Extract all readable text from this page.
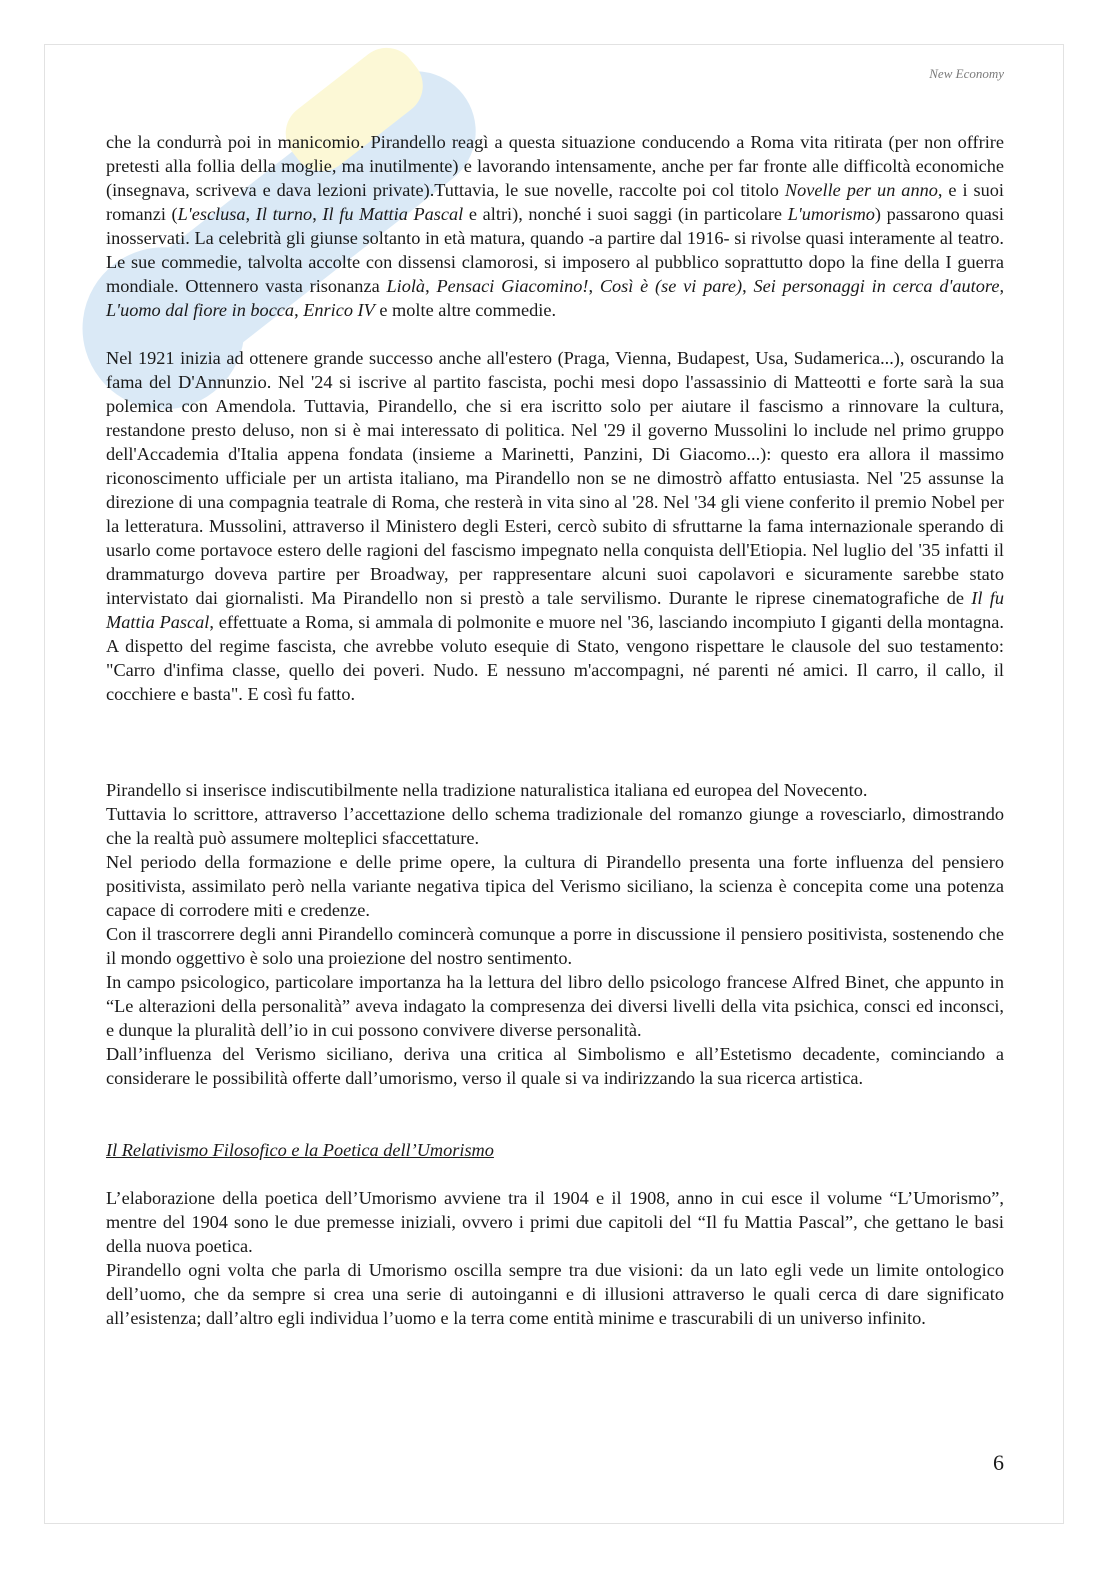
New Economy

che la condurrà poi in manicomio. Pirandello reagì a questa situazione conducendo a Roma vita ritirata (per non offrire pretesti alla follia della moglie, ma inutilmente) e lavorando intensamente, anche per far fronte alle difficoltà economiche (insegnava, scriveva e dava lezioni private).Tuttavia, le sue novelle, raccolte poi col titolo Novelle per un anno, e i suoi romanzi (L'esclusa, Il turno, Il fu Mattia Pascal e altri), nonché i suoi saggi (in particolare L'umorismo) passarono quasi inosservati. La celebrità gli giunse soltanto in età matura, quando -a partire dal 1916- si rivolse quasi interamente al teatro. Le sue commedie, talvolta accolte con dissensi clamorosi, si imposero al pubblico soprattutto dopo la fine della I guerra mondiale. Ottennero vasta risonanza Liolà, Pensaci Giacomino!, Così è (se vi pare), Sei personaggi in cerca d'autore, L'uomo dal fiore in bocca, Enrico IV e molte altre commedie.

Nel 1921 inizia ad ottenere grande successo anche all'estero (Praga, Vienna, Budapest, Usa, Sudamerica...), oscurando la fama del D'Annunzio. Nel '24 si iscrive al partito fascista, pochi mesi dopo l'assassinio di Matteotti e forte sarà la sua polemica con Amendola. Tuttavia, Pirandello, che si era iscritto solo per aiutare il fascismo a rinnovare la cultura, restandone presto deluso, non si è mai interessato di politica. Nel '29 il governo Mussolini lo include nel primo gruppo dell'Accademia d'Italia appena fondata (insieme a Marinetti, Panzini, Di Giacomo...): questo era allora il massimo riconoscimento ufficiale per un artista italiano, ma Pirandello non se ne dimostrò affatto entusiasta. Nel '25 assunse la direzione di una compagnia teatrale di Roma, che resterà in vita sino al '28. Nel '34 gli viene conferito il premio Nobel per la letteratura. Mussolini, attraverso il Ministero degli Esteri, cercò subito di sfruttarne la fama internazionale sperando di usarlo come portavoce estero delle ragioni del fascismo impegnato nella conquista dell'Etiopia. Nel luglio del '35 infatti il drammaturgo doveva partire per Broadway, per rappresentare alcuni suoi capolavori e sicuramente sarebbe stato intervistato dai giornalisti. Ma Pirandello non si prestò a tale servilismo. Durante le riprese cinematografiche de Il fu Mattia Pascal, effettuate a Roma, si ammala di polmonite e muore nel '36, lasciando incompiuto I giganti della montagna. A dispetto del regime fascista, che avrebbe voluto esequie di Stato, vengono rispettare le clausole del suo testamento: "Carro d'infima classe, quello dei poveri. Nudo. E nessuno m'accompagni, né parenti né amici. Il carro, il callo, il cocchiere e basta". E così fu fatto.

Pirandello si inserisce indiscutibilmente nella tradizione naturalistica italiana ed europea del Novecento.

Tuttavia lo scrittore, attraverso l’accettazione dello schema tradizionale del romanzo giunge a rovesciarlo, dimostrando che la realtà può assumere molteplici sfaccettature.

Nel periodo della formazione e delle prime opere, la cultura di Pirandello presenta una forte influenza del pensiero positivista, assimilato però nella variante negativa tipica del Verismo siciliano, la scienza è concepita come una potenza capace di corrodere miti e credenze.

Con il trascorrere degli anni Pirandello comincerà comunque a porre in discussione il pensiero positivista, sostenendo che il mondo oggettivo è solo una proiezione del nostro sentimento.

In campo psicologico, particolare importanza ha la lettura del libro dello psicologo francese Alfred Binet, che appunto in “Le alterazioni della personalità” aveva indagato la compresenza dei diversi livelli della vita psichica, consci ed inconsci, e dunque la pluralità dell’io in cui possono convivere diverse personalità.

Dall’influenza del Verismo siciliano, deriva una critica al Simbolismo e all’Estetismo decadente, cominciando a considerare le possibilità offerte dall’umorismo, verso il quale si va indirizzando la sua ricerca artistica.

Il Relativismo Filosofico e la Poetica dell’Umorismo

L’elaborazione della poetica dell’Umorismo avviene tra il 1904 e il 1908, anno in cui esce il volume “L’Umorismo”, mentre del 1904 sono le due premesse iniziali, ovvero i primi due capitoli del “Il fu Mattia Pascal”, che gettano le basi della nuova poetica.

Pirandello ogni volta che parla di Umorismo oscilla sempre tra due visioni: da un lato egli vede un limite ontologico dell’uomo, che da sempre si crea una serie di autoinganni e di illusioni attraverso le quali cerca di dare significato all’esistenza; dall’altro egli individua l’uomo e la terra come entità minime e trascurabili di un universo infinito.

6
